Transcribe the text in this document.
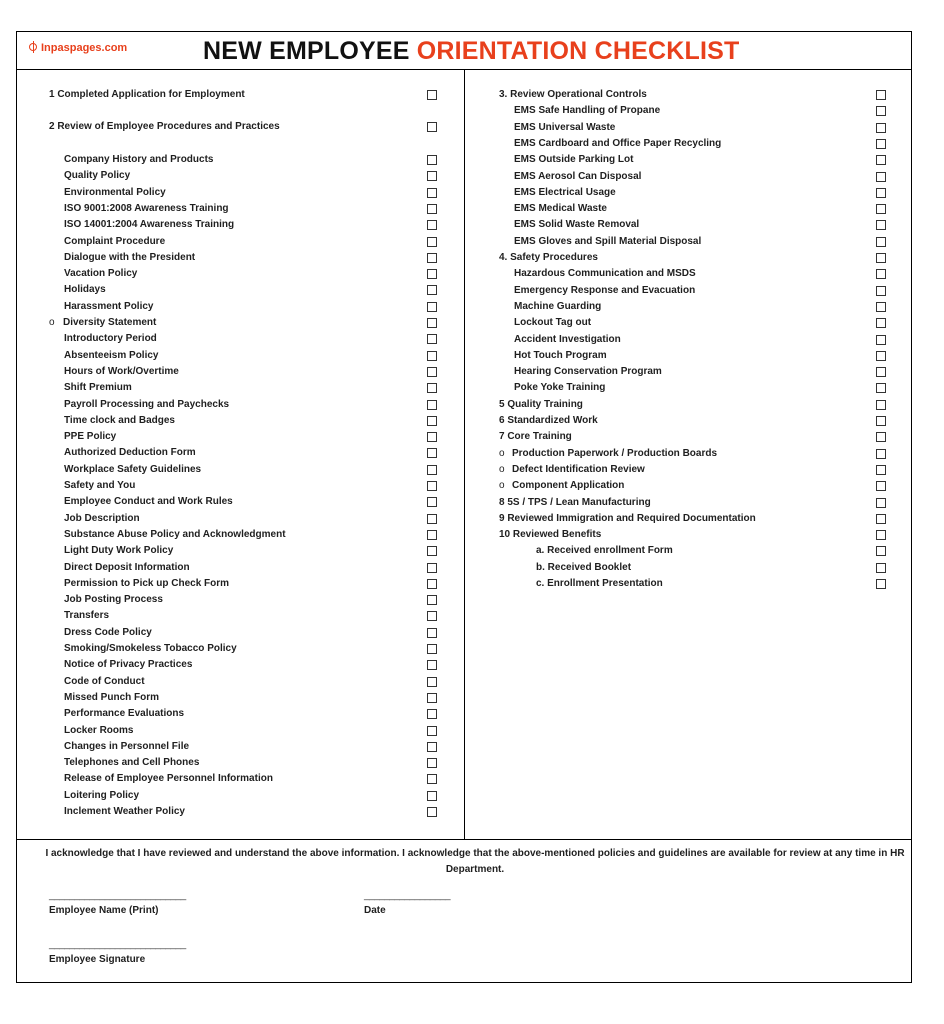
Inpaspages.com	NEW EMPLOYEE ORIENTATION CHECKLIST
1 Completed Application for Employment
2 Review of Employee Procedures and Practices
Company History and Products
Quality Policy
Environmental Policy
ISO 9001:2008 Awareness Training
ISO 14001:2004 Awareness Training
Complaint Procedure
Dialogue with the President
Vacation Policy
Holidays
Harassment Policy
o Diversity Statement
Introductory Period
Absenteeism Policy
Hours of Work/Overtime
Shift Premium
Payroll Processing and Paychecks
Time clock and Badges
PPE Policy
Authorized Deduction Form
Workplace Safety Guidelines
Safety and You
Employee Conduct and Work Rules
Job Description
Substance Abuse Policy and Acknowledgment
Light Duty Work Policy
Direct Deposit Information
Permission to Pick up Check Form
Job Posting Process
Transfers
Dress Code Policy
Smoking/Smokeless Tobacco Policy
Notice of Privacy Practices
Code of Conduct
Missed Punch Form
Performance Evaluations
Locker Rooms
Changes in Personnel File
Telephones and Cell Phones
Release of Employee Personnel Information
Loitering Policy
Inclement Weather Policy
3. Review Operational Controls
EMS Safe Handling of Propane
EMS Universal Waste
EMS Cardboard and Office Paper Recycling
EMS Outside Parking Lot
EMS Aerosol Can Disposal
EMS Electrical Usage
EMS Medical Waste
EMS Solid Waste Removal
EMS Gloves and Spill Material Disposal
4. Safety Procedures
Hazardous Communication and MSDS
Emergency Response and Evacuation
Machine Guarding
Lockout Tag out
Accident Investigation
Hot Touch Program
Hearing Conservation Program
Poke Yoke Training
5 Quality Training
6 Standardized Work
7 Core Training
o Production Paperwork / Production Boards
o Defect Identification Review
o Component Application
8 5S / TPS / Lean Manufacturing
9 Reviewed Immigration and Required Documentation
10 Reviewed Benefits
a. Received enrollment Form
b. Received Booklet
c. Enrollment Presentation
I acknowledge that I have reviewed and understand the above information. I acknowledge that the above-mentioned policies and guidelines are available for review at any time in HR Department.
___________________________
Employee Name (Print)
_________________
Date
___________________________
Employee Signature
